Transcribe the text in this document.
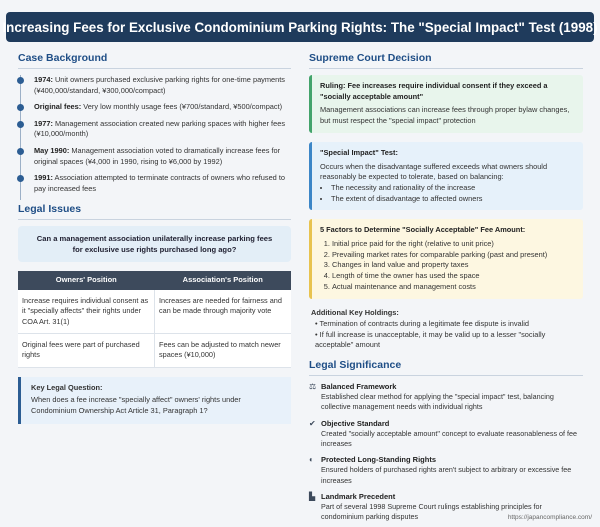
Increasing Fees for Exclusive Condominium Parking Rights: The "Special Impact" Test (1998)
Case Background
1974: Unit owners purchased exclusive parking rights for one-time payments (¥400,000/standard, ¥300,000/compact)
Original fees: Very low monthly usage fees (¥700/standard, ¥500/compact)
1977: Management association created new parking spaces with higher fees (¥10,000/month)
May 1990: Management association voted to dramatically increase fees for original spaces (¥4,000 in 1990, rising to ¥6,000 by 1992)
1991: Association attempted to terminate contracts of owners who refused to pay increased fees
Legal Issues
Can a management association unilaterally increase parking fees for exclusive use rights purchased long ago?
Owners' Position	Association's Position
Increase requires individual consent as it "specially affects" their rights under COA Art. 31(1)	Increases are needed for fairness and can be made through majority vote
Original fees were part of purchased rights	Fees can be adjusted to match newer spaces (¥10,000)
Key Legal Question:
When does a fee increase "specially affect" owners' rights under Condominium Ownership Act Article 31, Paragraph 1?
Supreme Court Decision
Ruling: Fee increases require individual consent if they exceed a "socially acceptable amount"
Management associations can increase fees through proper bylaw changes, but must respect the "special impact" protection
"Special Impact" Test:
Occurs when the disadvantage suffered exceeds what owners should reasonably be expected to tolerate, based on balancing:
• The necessity and rationality of the increase
• The extent of disadvantage to affected owners
5 Factors to Determine "Socially Acceptable" Fee Amount:
1. Initial price paid for the right (relative to unit price)
2. Prevailing market rates for comparable parking (past and present)
3. Changes in land value and property taxes
4. Length of time the owner has used the space
5. Actual maintenance and management costs
Additional Key Holdings:
• Termination of contracts during a legitimate fee dispute is invalid
• If full increase is unacceptable, it may be valid up to a lesser "socially acceptable" amount
Legal Significance
⚖ Balanced Framework
Established clear method for applying the "special impact" test, balancing collective management needs with individual rights
✔ Objective Standard
Created "socially acceptable amount" concept to evaluate reasonableness of fee increases
◐ Protected Long-Standing Rights
Ensured holders of purchased rights aren't subject to arbitrary or excessive fee increases
▙ Landmark Precedent
Part of several 1998 Supreme Court rulings establishing principles for condominium parking disputes	https://japancompliance.com/
